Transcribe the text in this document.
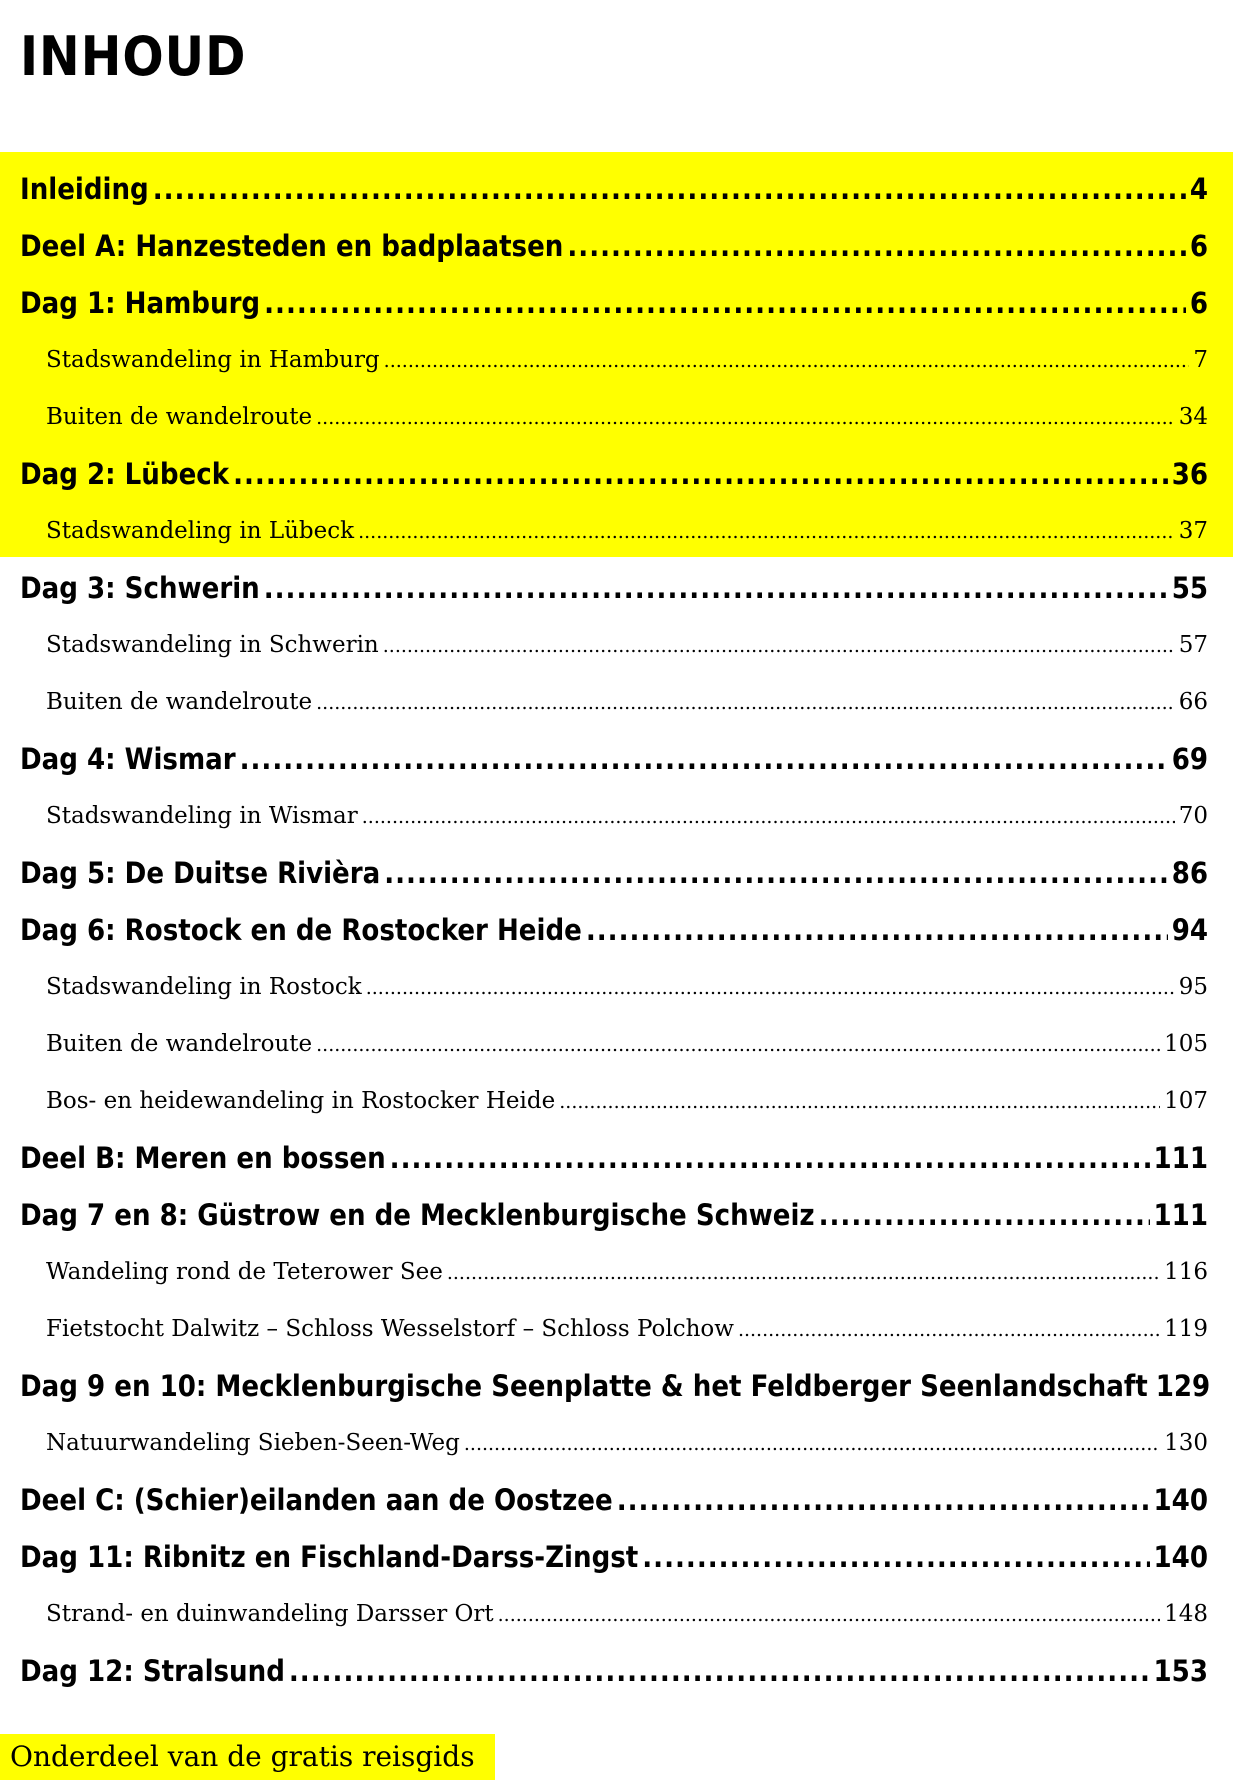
INHOUD
Inleiding .....	4
Deel A: Hanzesteden en badplaatsen .....	6
Dag 1: Hamburg .....	6
Stadswandeling in Hamburg .....	7
Buiten de wandelroute .....	34
Dag 2: Lübeck .....	36
Stadswandeling in Lübeck .....	37
Dag 3: Schwerin .....	55
Stadswandeling in Schwerin .....	57
Buiten de wandelroute .....	66
Dag 4: Wismar .....	69
Stadswandeling in Wismar .....	70
Dag 5: De Duitse Rivièra .....	86
Dag 6: Rostock en de Rostocker Heide .....	94
Stadswandeling in Rostock .....	95
Buiten de wandelroute .....	105
Bos- en heidewandeling in Rostocker Heide .....	107
Deel B: Meren en bossen .....	111
Dag 7 en 8: Güstrow en de Mecklenburgische Schweiz .....	111
Wandeling rond de Teterower See .....	116
Fietstocht Dalwitz – Schloss Wesselstorf – Schloss Polchow .....	119
Dag 9 en 10: Mecklenburgische Seenplatte & het Feldberger Seenlandschaft 129
Natuurwandeling Sieben-Seen-Weg .....	130
Deel C: (Schier)eilanden aan de Oostzee .....	140
Dag 11: Ribnitz en Fischland-Darss-Zingst .....	140
Strand- en duinwandeling Darsser Ort .....	148
Dag 12: Stralsund .....	153
Onderdeel van de gratis reisgids
